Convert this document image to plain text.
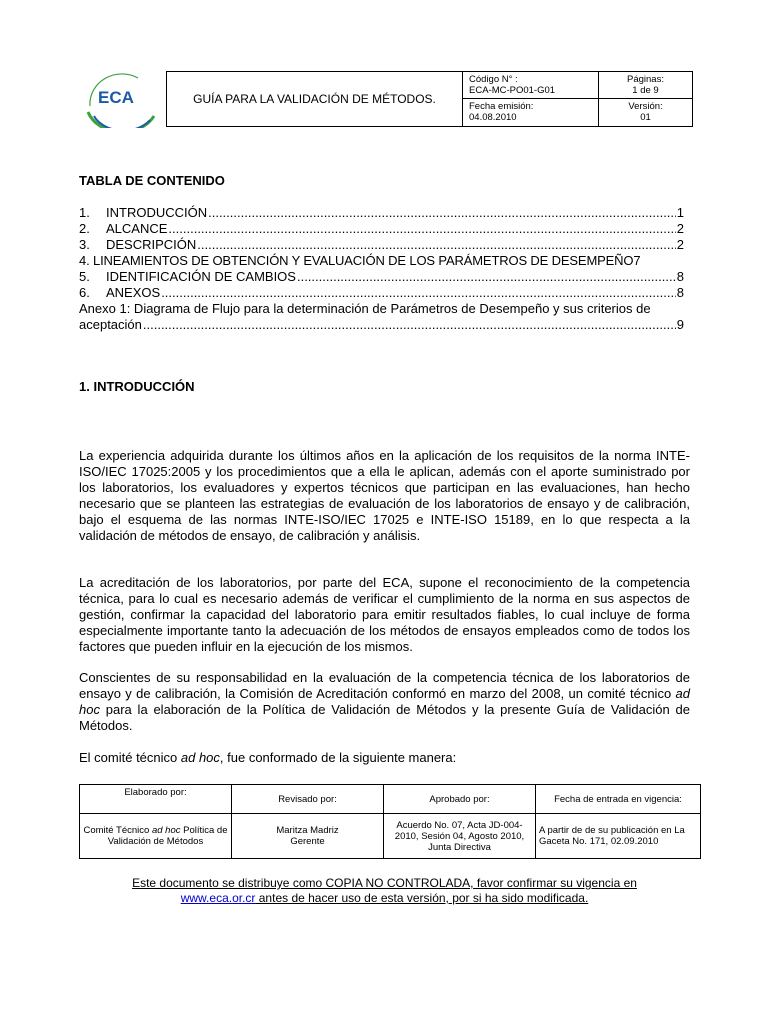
ECA	GUÍA PARA LA VALIDACIÓN DE MÉTODOS.
Código N° :
ECA-MC-PO01-G01
Fecha emisión:
04.08.2010
Páginas:
1 de 9
Versión:
01
TABLA DE CONTENIDO
1.	INTRODUCCIÓN .....	1
2.	ALCANCE .....	2
3.	DESCRIPCIÓN .....	2
4.
LINEAMIENTOS DE OBTENCIÓN Y EVALUACIÓN DE LOS PARÁMETROS DE DESEMPEÑO 7
5.	IDENTIFICACIÓN DE CAMBIOS .....	8
6.	ANEXOS .....	8
Anexo 1: Diagrama de Flujo para la determinación de Parámetros de Desempeño y sus criterios de
aceptación .....	9
1. INTRODUCCIÓN

La experiencia adquirida durante los últimos años en la aplicación de los requisitos de la norma INTE- ISO/IEC 17025:2005 y los procedimientos que a ella le aplican, además con el aporte suministrado por los laboratorios, los evaluadores y expertos técnicos que participan en las evaluaciones, han hecho necesario que se planteen las estrategias de evaluación de los laboratorios de ensayo y de calibración, bajo el esquema de las normas INTE-ISO/IEC 17025 e INTE-ISO 15189, en lo que respecta a la validación de métodos de ensayo, de calibración y análisis.

La acreditación de los laboratorios, por parte del ECA, supone el reconocimiento de la competencia técnica, para lo cual es necesario además de verificar el cumplimiento de la norma en sus aspectos de gestión, confirmar la capacidad del laboratorio para emitir resultados fiables, lo cual incluye de forma especialmente importante tanto la adecuación de los métodos de ensayos empleados como de todos los factores que pueden influir en la ejecución de los mismos.

Conscientes de su responsabilidad en la evaluación de la competencia técnica de los laboratorios de ensayo y de calibración, la Comisión de Acreditación conformó en marzo del 2008, un comité técnico ad hoc para la elaboración de la Política de Validación de Métodos y la presente Guía de Validación de Métodos.

El comité técnico ad hoc, fue conformado de la siguiente manera:

Elaborado por:	Revisado por:	Aprobado por:	Fecha de entrada en vigencia:
Comité Técnico ad hoc Política de Validación de Métodos	Maritza Madriz
Gerente	Acuerdo No. 07, Acta JD-004-2010, Sesión 04, Agosto 2010, Junta Directiva	A partir de de su publicación en La Gaceta No. 171, 02.09.2010
Este documento se distribuye como COPIA NO CONTROLADA, favor confirmar su vigencia en
www.eca.or.cr antes de hacer uso de esta versión, por si ha sido modificada.
